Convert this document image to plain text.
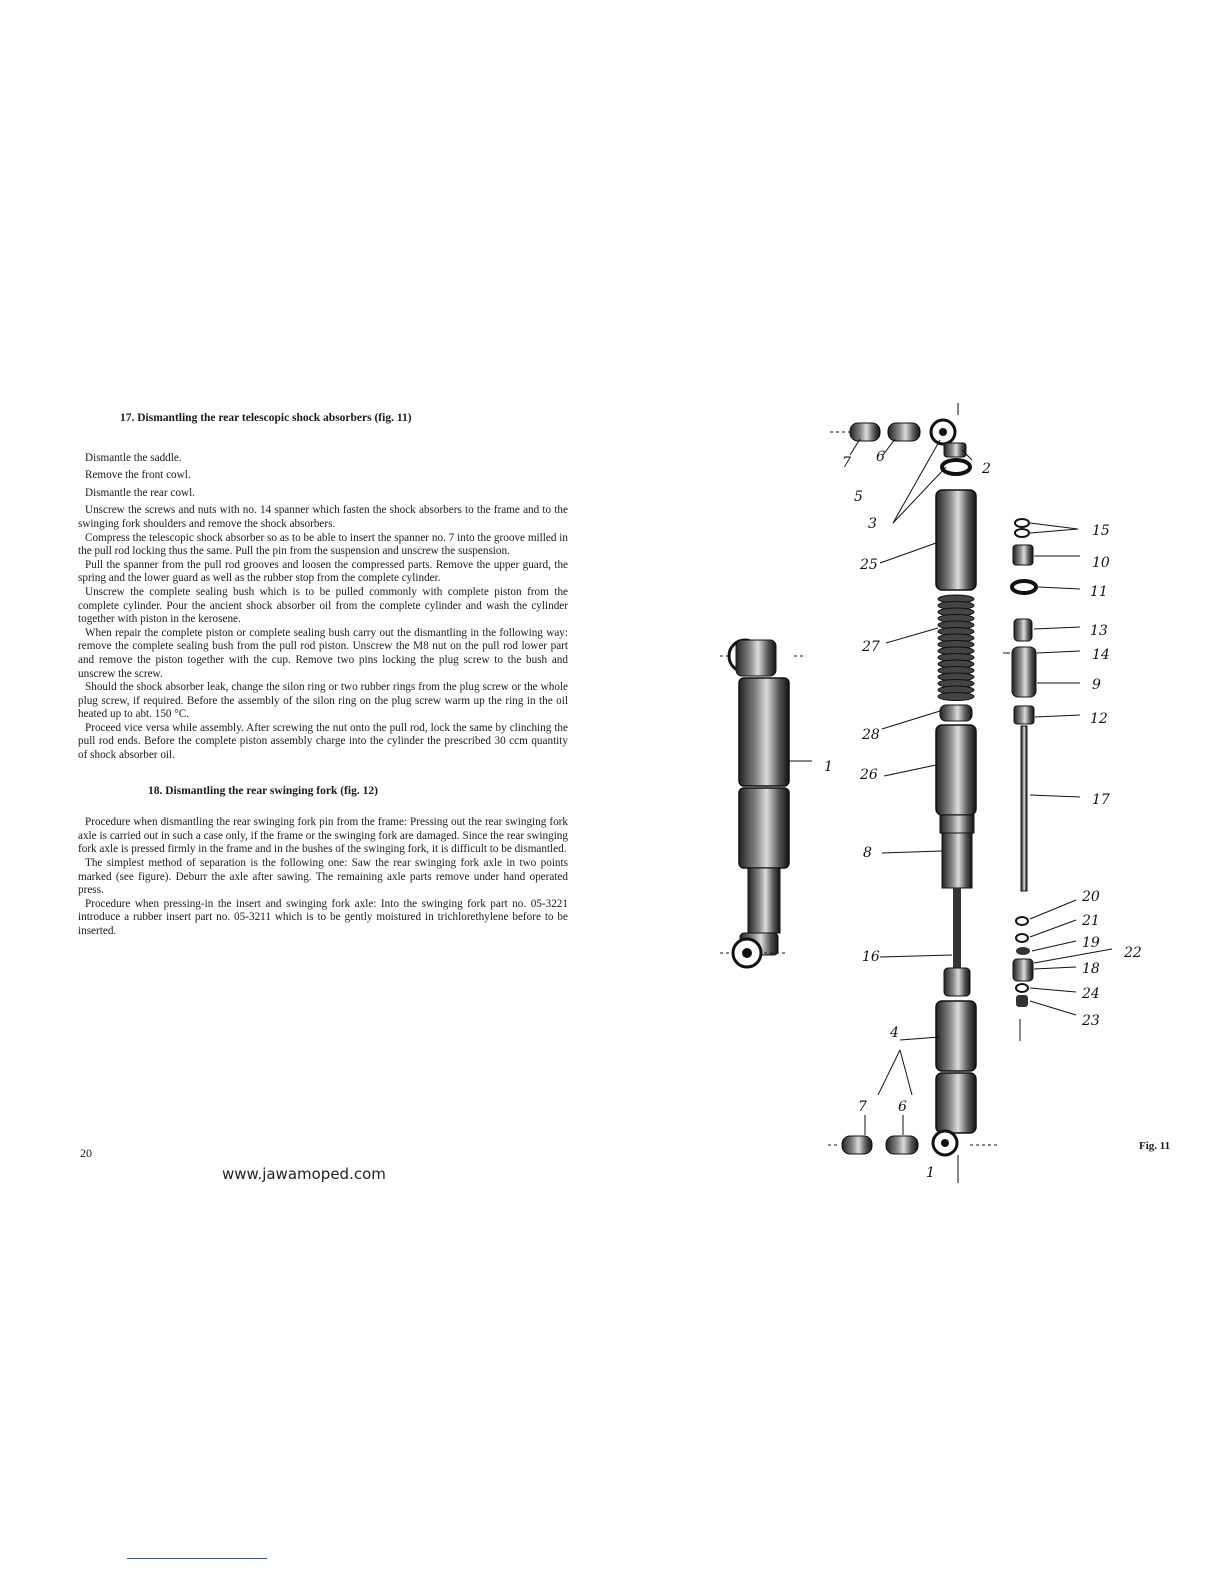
17. Dismantling the rear telescopic shock absorbers (fig. 11)

Dismantle the saddle.

Remove the front cowl.

Dismantle the rear cowl.

Unscrew the screws and nuts with no. 14 spanner which fasten the shock absorbers to the frame and to the swinging fork shoulders and remove the shock absorbers.

Compress the telescopic shock absorber so as to be able to insert the spanner no. 7 into the groove milled in the pull rod locking thus the same. Pull the pin from the suspension and unscrew the suspension.

Pull the spanner from the pull rod grooves and loosen the compressed parts. Remove the upper guard, the spring and the lower guard as well as the rubber stop from the complete cylinder.

Unscrew the complete sealing bush which is to be pulled commonly with complete piston from the complete cylinder. Pour the ancient shock absorber oil from the complete cylinder and wash the cylinder together with piston in the kerosene.

When repair the complete piston or complete sealing bush carry out the dismantling in the following way: remove the complete sealing bush from the pull rod piston. Unscrew the M8 nut on the pull rod lower part and remove the piston together with the cup. Remove two pins locking the plug screw to the bush and unscrew the screw.

Should the shock absorber leak, change the silon ring or two rubber rings from the plug screw or the whole plug screw, if required. Before the assembly of the silon ring on the plug screw warm up the ring in the oil heated up to abt. 150 °C.

Proceed vice versa while assembly. After screwing the nut onto the pull rod, lock the same by clinching the pull rod ends. Before the complete piston assembly charge into the cylinder the prescribed 30 ccm quantity of shock absorber oil.

18. Dismantling the rear swinging fork (fig. 12)

Procedure when dismantling the rear swinging fork pin from the frame: Pressing out the rear swinging fork axle is carried out in such a case only, if the frame or the swinging fork are damaged. Since the rear swinging fork axle is pressed firmly in the frame and in the bushes of the swinging fork, it is difficult to be dismantled.

The simplest method of separation is the following one: Saw the rear swinging fork axle in two points marked (see figure). Deburr the axle after sawing. The remaining axle parts remove under hand operated press.

Procedure when pressing-in the insert and swinging fork axle: Into the swinging fork part no. 05-3221 introduce a rubber insert part no. 05-3211 which is to be gently moistured in trichlorethylene before to be inserted.

20
www.jawamoped.com
Fig. 11
7 6
2
5
3
25
27
28
26
8
16
4
7 6
1
1
15
10
11
13
14
9
12
17
20
21
19
22
18
24
23
